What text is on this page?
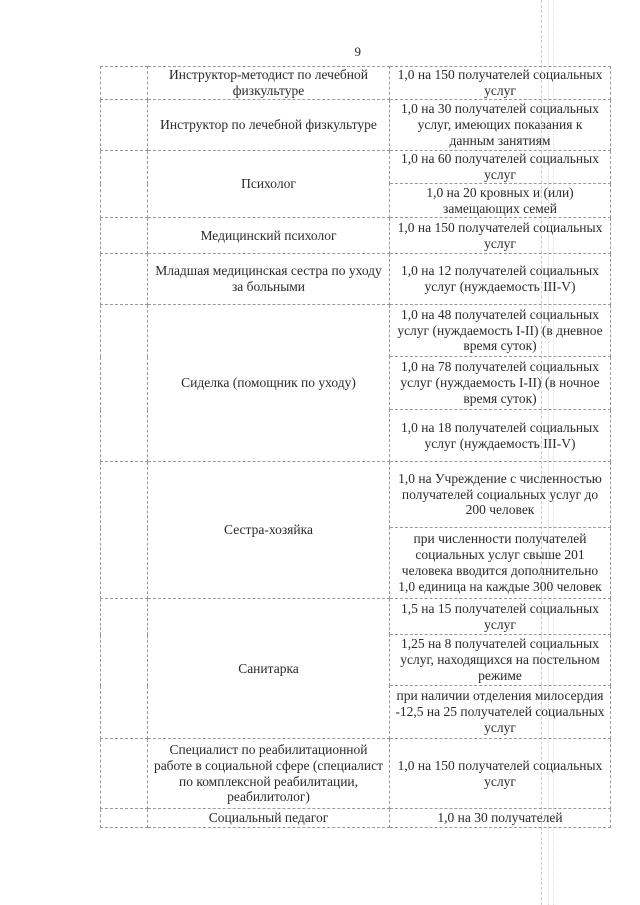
9
	Инструктор-методист по лечебной физкультуре	1,0 на 150 получателей социальных услуг
	Инструктор по лечебной физкультуре	1,0 на 30 получателей социальных услуг, имеющих показания к данным занятиям
	Психолог	1,0 на 60 получателей социальных услуг
		1,0 на 20 кровных и (или) замещающих семей
	Медицинский психолог	1,0 на 150 получателей социальных услуг
	Младшая медицинская сестра по уходу за больными	1,0 на 12 получателей социальных услуг (нуждаемость III-V)
	Сиделка (помощник по уходу)	1,0 на 48 получателей социальных услуг (нуждаемость I-II) (в дневное время суток)
		1,0 на 78 получателей социальных услуг (нуждаемость I-II) (в ночное время суток)
		1,0 на 18 получателей социальных услуг (нуждаемость III-V)
	Сестра-хозяйка	1,0 на Учреждение с численностью получателей социальных услуг до 200 человек
		при численности получателей социальных услуг свыше 201 человека вводится дополнительно 1,0 единица на каждые 300 человек
	Санитарка	1,5 на 15 получателей социальных услуг
		1,25 на 8 получателей социальных услуг, находящихся на постельном режиме
		при наличии отделения милосердия -12,5 на 25 получателей социальных услуг
	Специалист по реабилитационной работе в социальной сфере (специалист по комплексной реабилитации, реабилитолог)	1,0 на 150 получателей социальных услуг
	Социальный педагог	1,0 на 30 получателей
